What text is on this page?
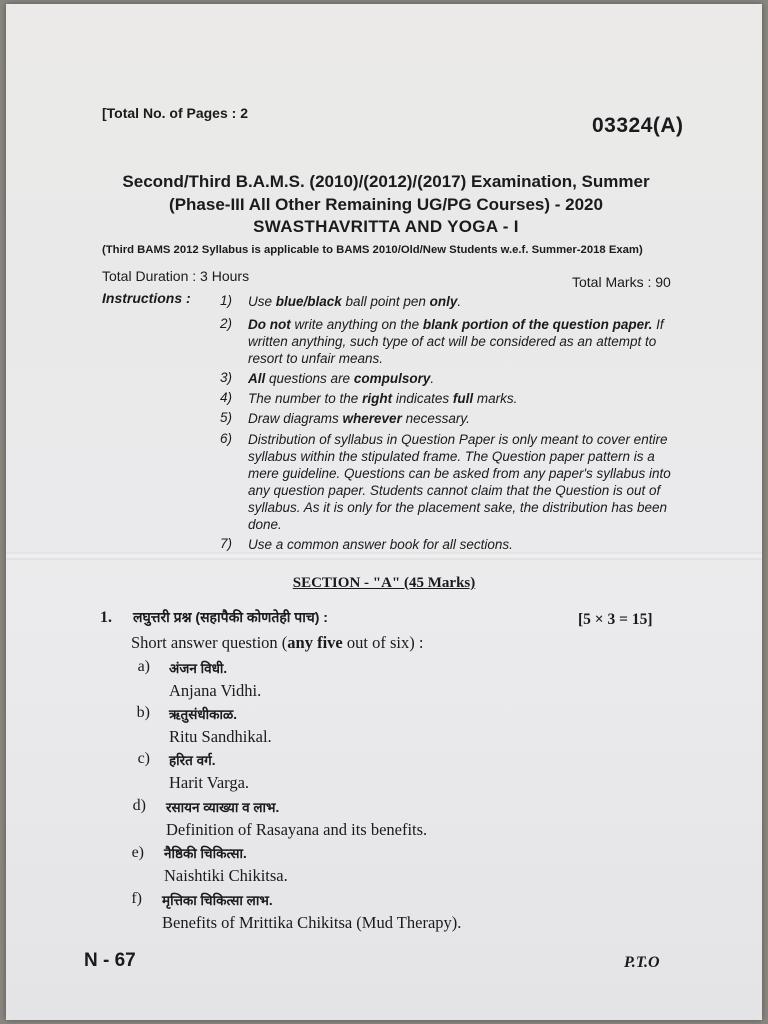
[Total No. of Pages : 2
03324(A)
Second/Third B.A.M.S. (2010)/(2012)/(2017) Examination, Summer
(Phase-III All Other Remaining UG/PG Courses) - 2020
SWASTHAVRITTA AND YOGA - I
(Third BAMS 2012 Syllabus is applicable to BAMS 2010/Old/New Students w.e.f. Summer-2018 Exam)
Total Duration : 3 Hours	Total Marks : 90
Instructions :	1) Use blue/black ball point pen only.
2) Do not write anything on the blank portion of the question paper. If written anything, such type of act will be considered as an attempt to resort to unfair means.
3) All questions are compulsory.
4) The number to the right indicates full marks.
5) Draw diagrams wherever necessary.
6) Distribution of syllabus in Question Paper is only meant to cover entire syllabus within the stipulated frame. The Question paper pattern is a mere guideline. Questions can be asked from any paper's syllabus into any question paper. Students cannot claim that the Question is out of syllabus. As it is only for the placement sake, the distribution has been done.
7) Use a common answer book for all sections.
SECTION - "A" (45 Marks)
1. लघुत्तरी प्रश्न (सहापैकी कोणतेही पाच) :	[5 × 3 = 15]
Short answer question (any five out of six) :
a) अंजन विधी.
Anjana Vidhi.
b) ऋतुसंधीकाळ.
Ritu Sandhikal.
c) हरित वर्ग.
Harit Varga.
d) रसायन व्याख्या व लाभ.
Definition of Rasayana and its benefits.
e) नैष्ठिकी चिकित्सा.
Naishtiki Chikitsa.
f) मृत्तिका चिकित्सा लाभ.
Benefits of Mrittika Chikitsa (Mud Therapy).
N - 67	P.T.O
